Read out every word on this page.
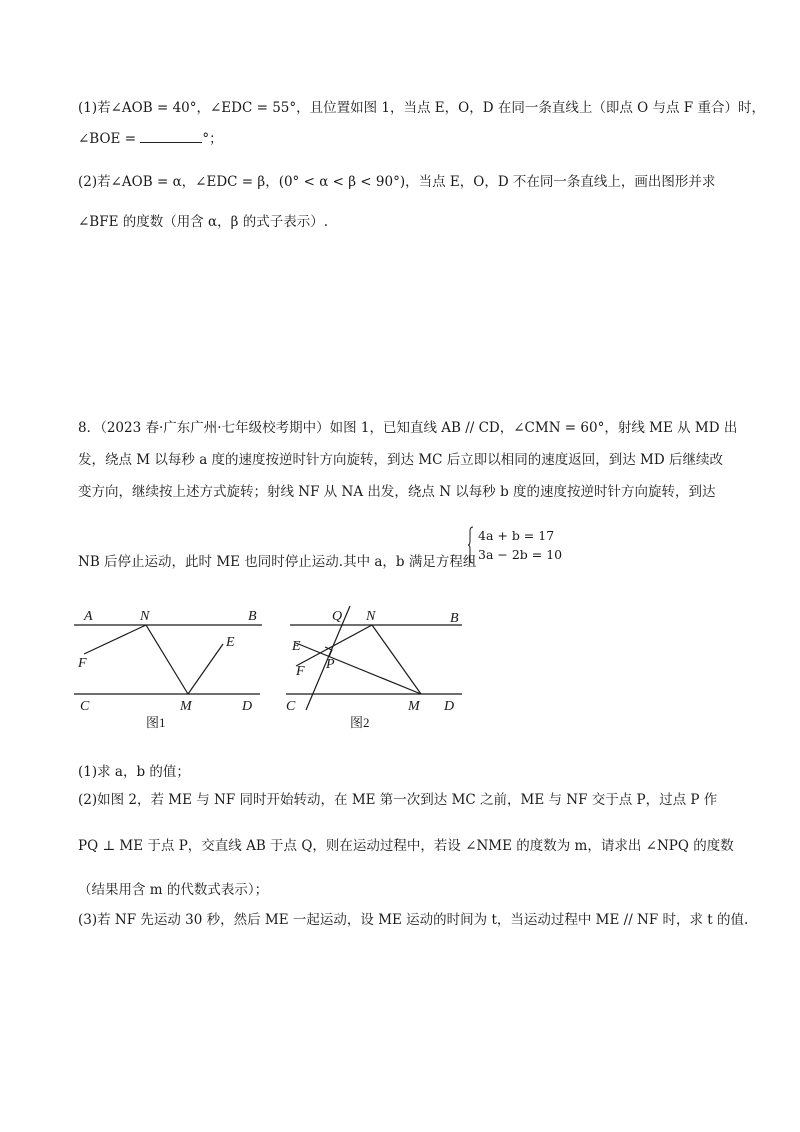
(1)若∠AOB = 40°，∠EDC = 55°，且位置如图 1，当点 E，O，D 在同一条直线上（即点 O 与点 F 重合）时，
∠BOE =	°；
(2)若∠AOB = α，∠EDC = β，(0° < α < β < 90°)，当点 E，O，D 不在同一条直线上，画出图形并求
∠BFE 的度数（用含 α，β 的式子表示）.
8．（2023 春·广东广州·七年级校考期中）如图 1，已知直线 AB // CD，∠CMN = 60°，射线 ME 从 MD 出
发，绕点 M 以每秒 a 度的速度按逆时针方向旋转，到达 MC 后立即以相同的速度返回，到达 MD 后继续改
变方向，继续按上述方式旋转；射线 NF 从 NA 出发，绕点 N 以每秒 b 度的速度按逆时针方向旋转，到达
NB 后停止运动，此时 ME 也同时停止运动.其中 a，b 满足方程组
4a + b = 17
3a − 2b = 10
A	N	B
E
F
C	M	D
图1
Q N	B
E
P
F
C	M D
图2
(1)求 a，b 的值；
(2)如图 2，若 ME 与 NF 同时开始转动，在 ME 第一次到达 MC 之前，ME 与 NF 交于点 P，过点 P 作
PQ ⊥ ME 于点 P，交直线 AB 于点 Q，则在运动过程中，若设 ∠NME 的度数为 m，请求出 ∠NPQ 的度数
（结果用含 m 的代数式表示）；
(3)若 NF 先运动 30 秒，然后 ME 一起运动，设 ME 运动的时间为 t，当运动过程中 ME // NF 时，求 t 的值.
